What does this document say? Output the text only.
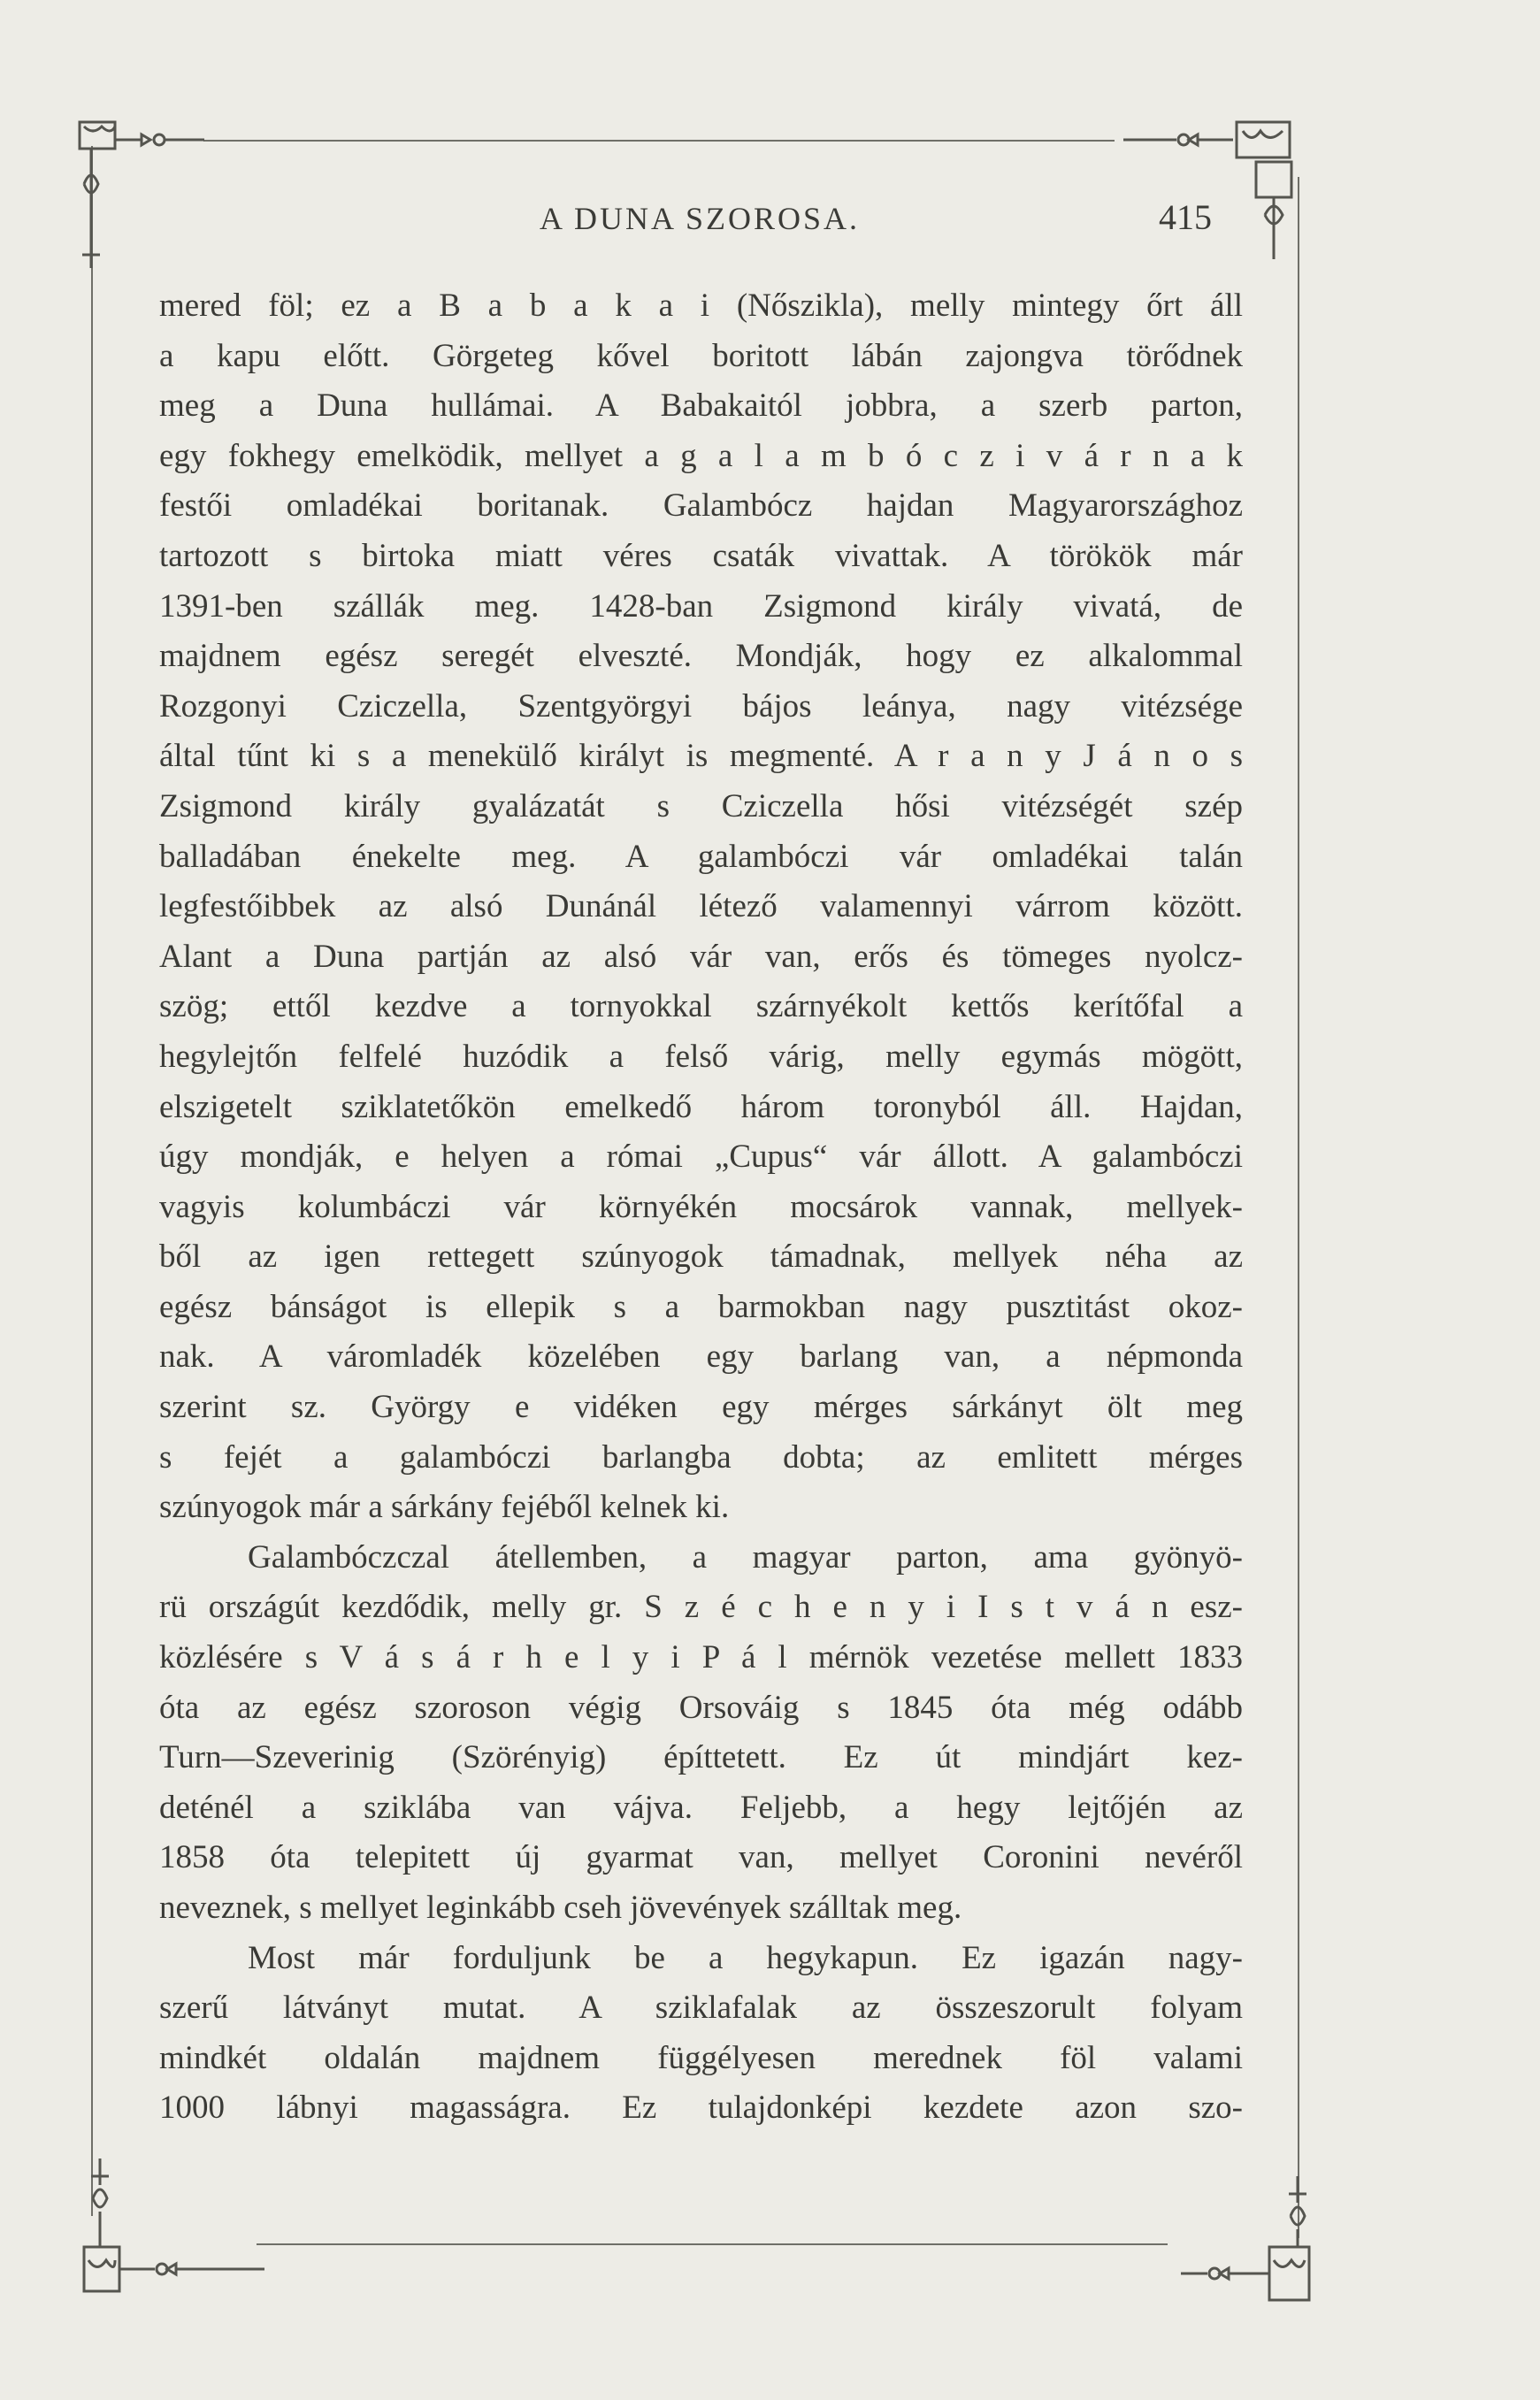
A DUNA SZOROSA.	415
mered föl; ez a B a b a k a i (Nőszikla), melly mintegy őrt áll
a kapu előtt. Görgeteg kővel boritott lábán zajongva törődnek
meg a Duna hullámai. A Babakaitól jobbra, a szerb parton,
egy fokhegy emelködik, mellyet a g a l a m b ó c z i v á r n a k
festői omladékai boritanak. Galambócz hajdan Magyarországhoz
tartozott s birtoka miatt véres csaták vivattak. A törökök már
1391-ben szállák meg. 1428-ban Zsigmond király vivatá, de
majdnem egész seregét elveszté. Mondják, hogy ez alkalommal
Rozgonyi Cziczella, Szentgyörgyi bájos leánya, nagy vitézsége
által tűnt ki s a menekülő királyt is megmenté. A r a n y J á n o s
Zsigmond király gyalázatát s Cziczella hősi vitézségét szép
balladában énekelte meg. A galambóczi vár omladékai talán
legfestőibbek az alsó Dunánál létező valamennyi várrom között.
Alant a Duna partján az alsó vár van, erős és tömeges nyolcz-
szög; ettől kezdve a tornyokkal szárnyékolt kettős kerítőfal a
hegylejtőn felfelé huzódik a felső várig, melly egymás mögött,
elszigetelt sziklatetőkön emelkedő három toronyból áll. Hajdan,
úgy mondják, e helyen a római „Cupus“ vár állott. A galambóczi
vagyis kolumbáczi vár környékén mocsárok vannak, mellyek-
ből az igen rettegett szúnyogok támadnak, mellyek néha az
egész bánságot is ellepik s a barmokban nagy pusztitást okoz-
nak. A váromladék közelében egy barlang van, a népmonda
szerint sz. György e vidéken egy mérges sárkányt ölt meg
s fejét a galambóczi barlangba dobta; az emlitett mérges
szúnyogok már a sárkány fejéből kelnek ki.
Galambóczczal átellemben, a magyar parton, ama gyönyö-
rü országút kezdődik, melly gr. S z é c h e n y i I s t v á n esz-
közlésére s V á s á r h e l y i P á l mérnök vezetése mellett 1833
óta az egész szoroson végig Orsováig s 1845 óta még odább
Turn—Szeverinig (Szörényig) építtetett. Ez út mindjárt kez-
deténél a sziklába van vájva. Feljebb, a hegy lejtőjén az
1858 óta telepitett új gyarmat van, mellyet Coronini nevéről
neveznek, s mellyet leginkább cseh jövevények szálltak meg.
Most már forduljunk be a hegykapun. Ez igazán nagy-
szerű látványt mutat. A sziklafalak az összeszorult folyam
mindkét oldalán majdnem függélyesen merednek föl valami
1000 lábnyi magasságra. Ez tulajdonképi kezdete azon szo-
